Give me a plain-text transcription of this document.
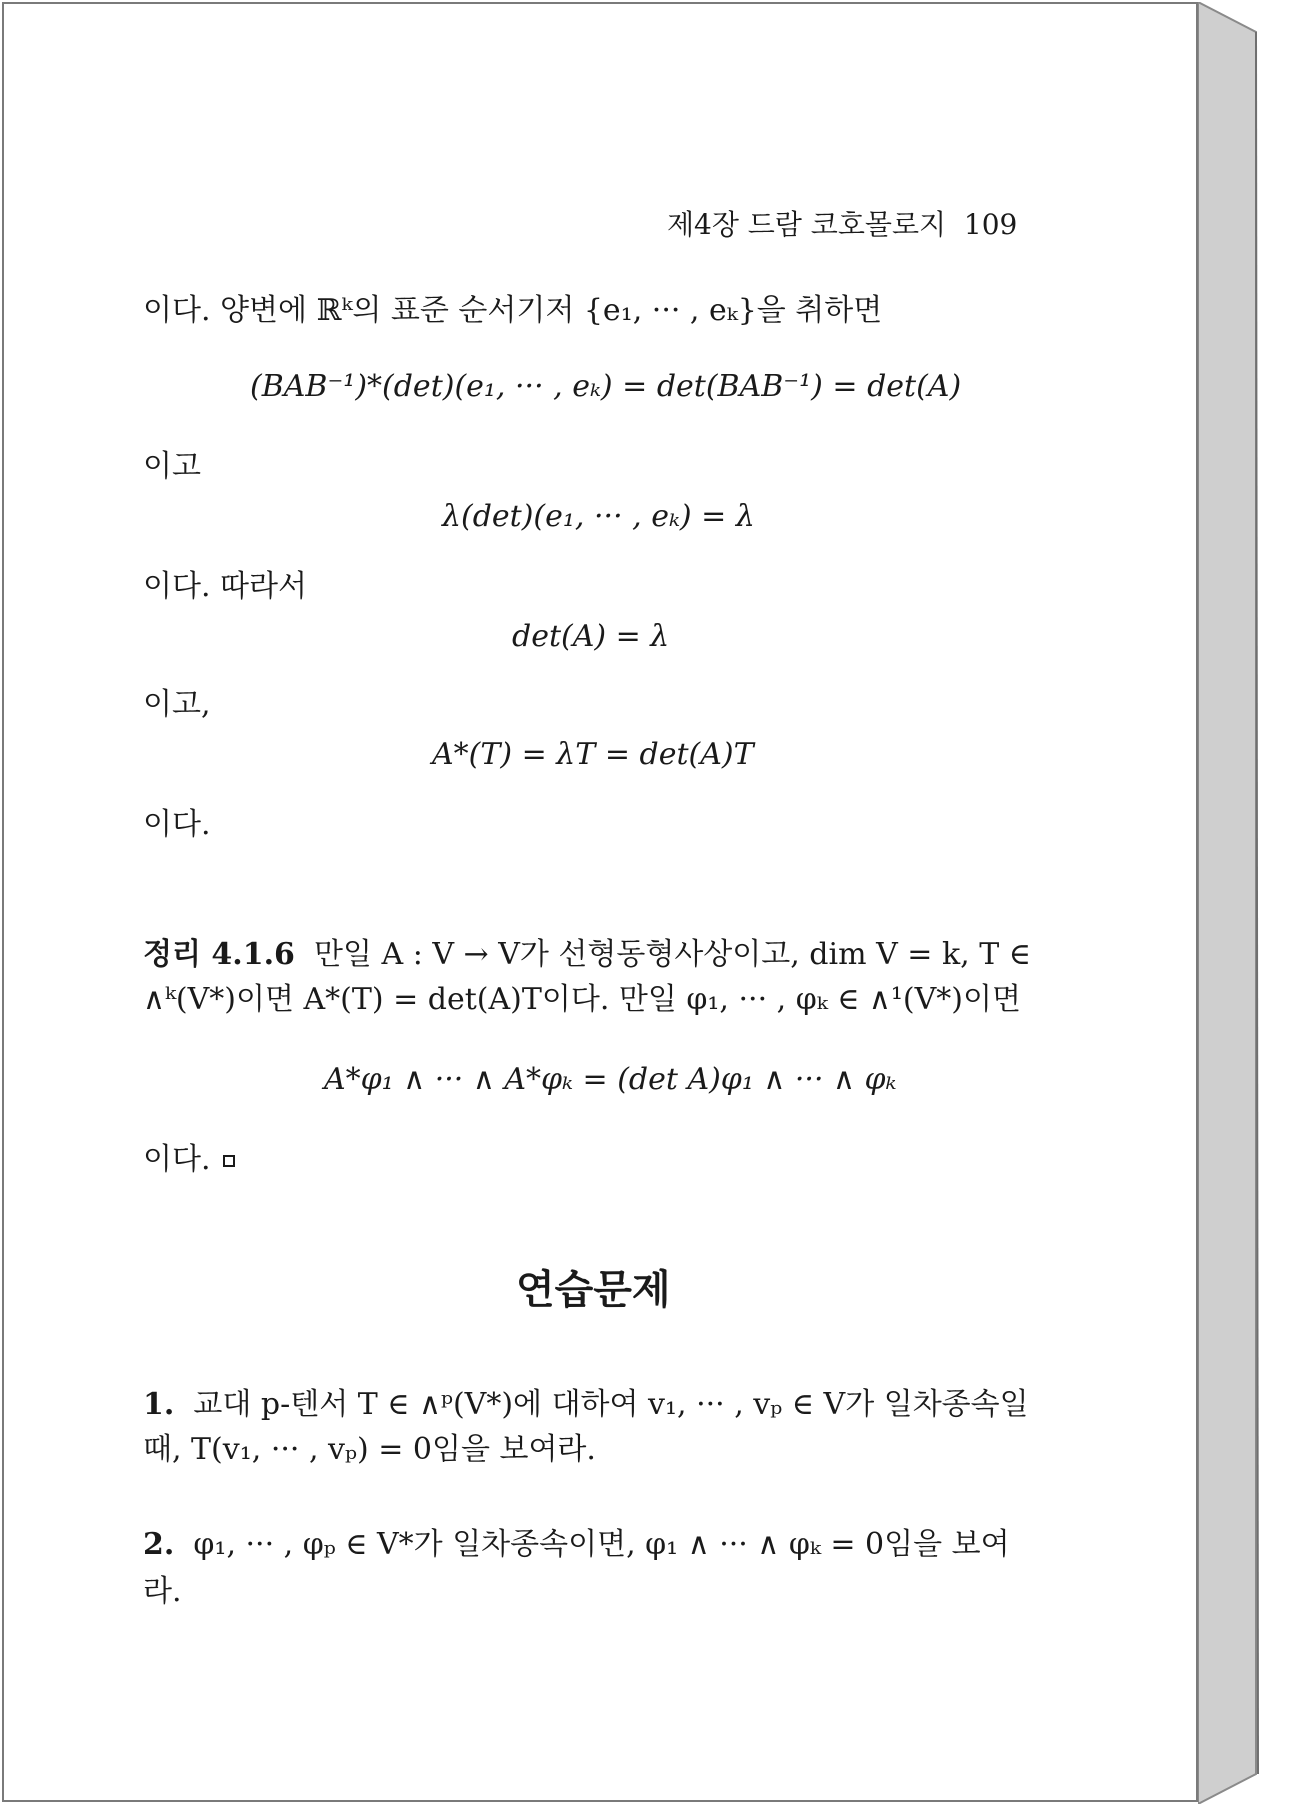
제4장 드람 코호몰로지 109
이다. 양변에 ℝᵏ의 표준 순서기저 {e₁, ··· , eₖ}을 취하면
(BAB⁻¹)*(det)(e₁, ··· , eₖ) = det(BAB⁻¹) = det(A)
이고
λ(det)(e₁, ··· , eₖ) = λ
이다. 따라서
det(A) = λ
이고,
A*(T) = λT = det(A)T
이다.
정리 4.1.6 만일 A : V → V가 선형동형사상이고, dim V = k, T ∈
∧ᵏ(V*)이면 A*(T) = det(A)T이다. 만일 φ₁, ··· , φₖ ∈ ∧¹(V*)이면
A*φ₁ ∧ ··· ∧ A*φₖ = (det A)φ₁ ∧ ··· ∧ φₖ
이다.
연습문제
1. 교대 p-텐서 T ∈ ∧ᵖ(V*)에 대하여 v₁, ··· , vₚ ∈ V가 일차종속일
때, T(v₁, ··· , vₚ) = 0임을 보여라.
2. φ₁, ··· , φₚ ∈ V*가 일차종속이면, φ₁ ∧ ··· ∧ φₖ = 0임을 보여
라.
